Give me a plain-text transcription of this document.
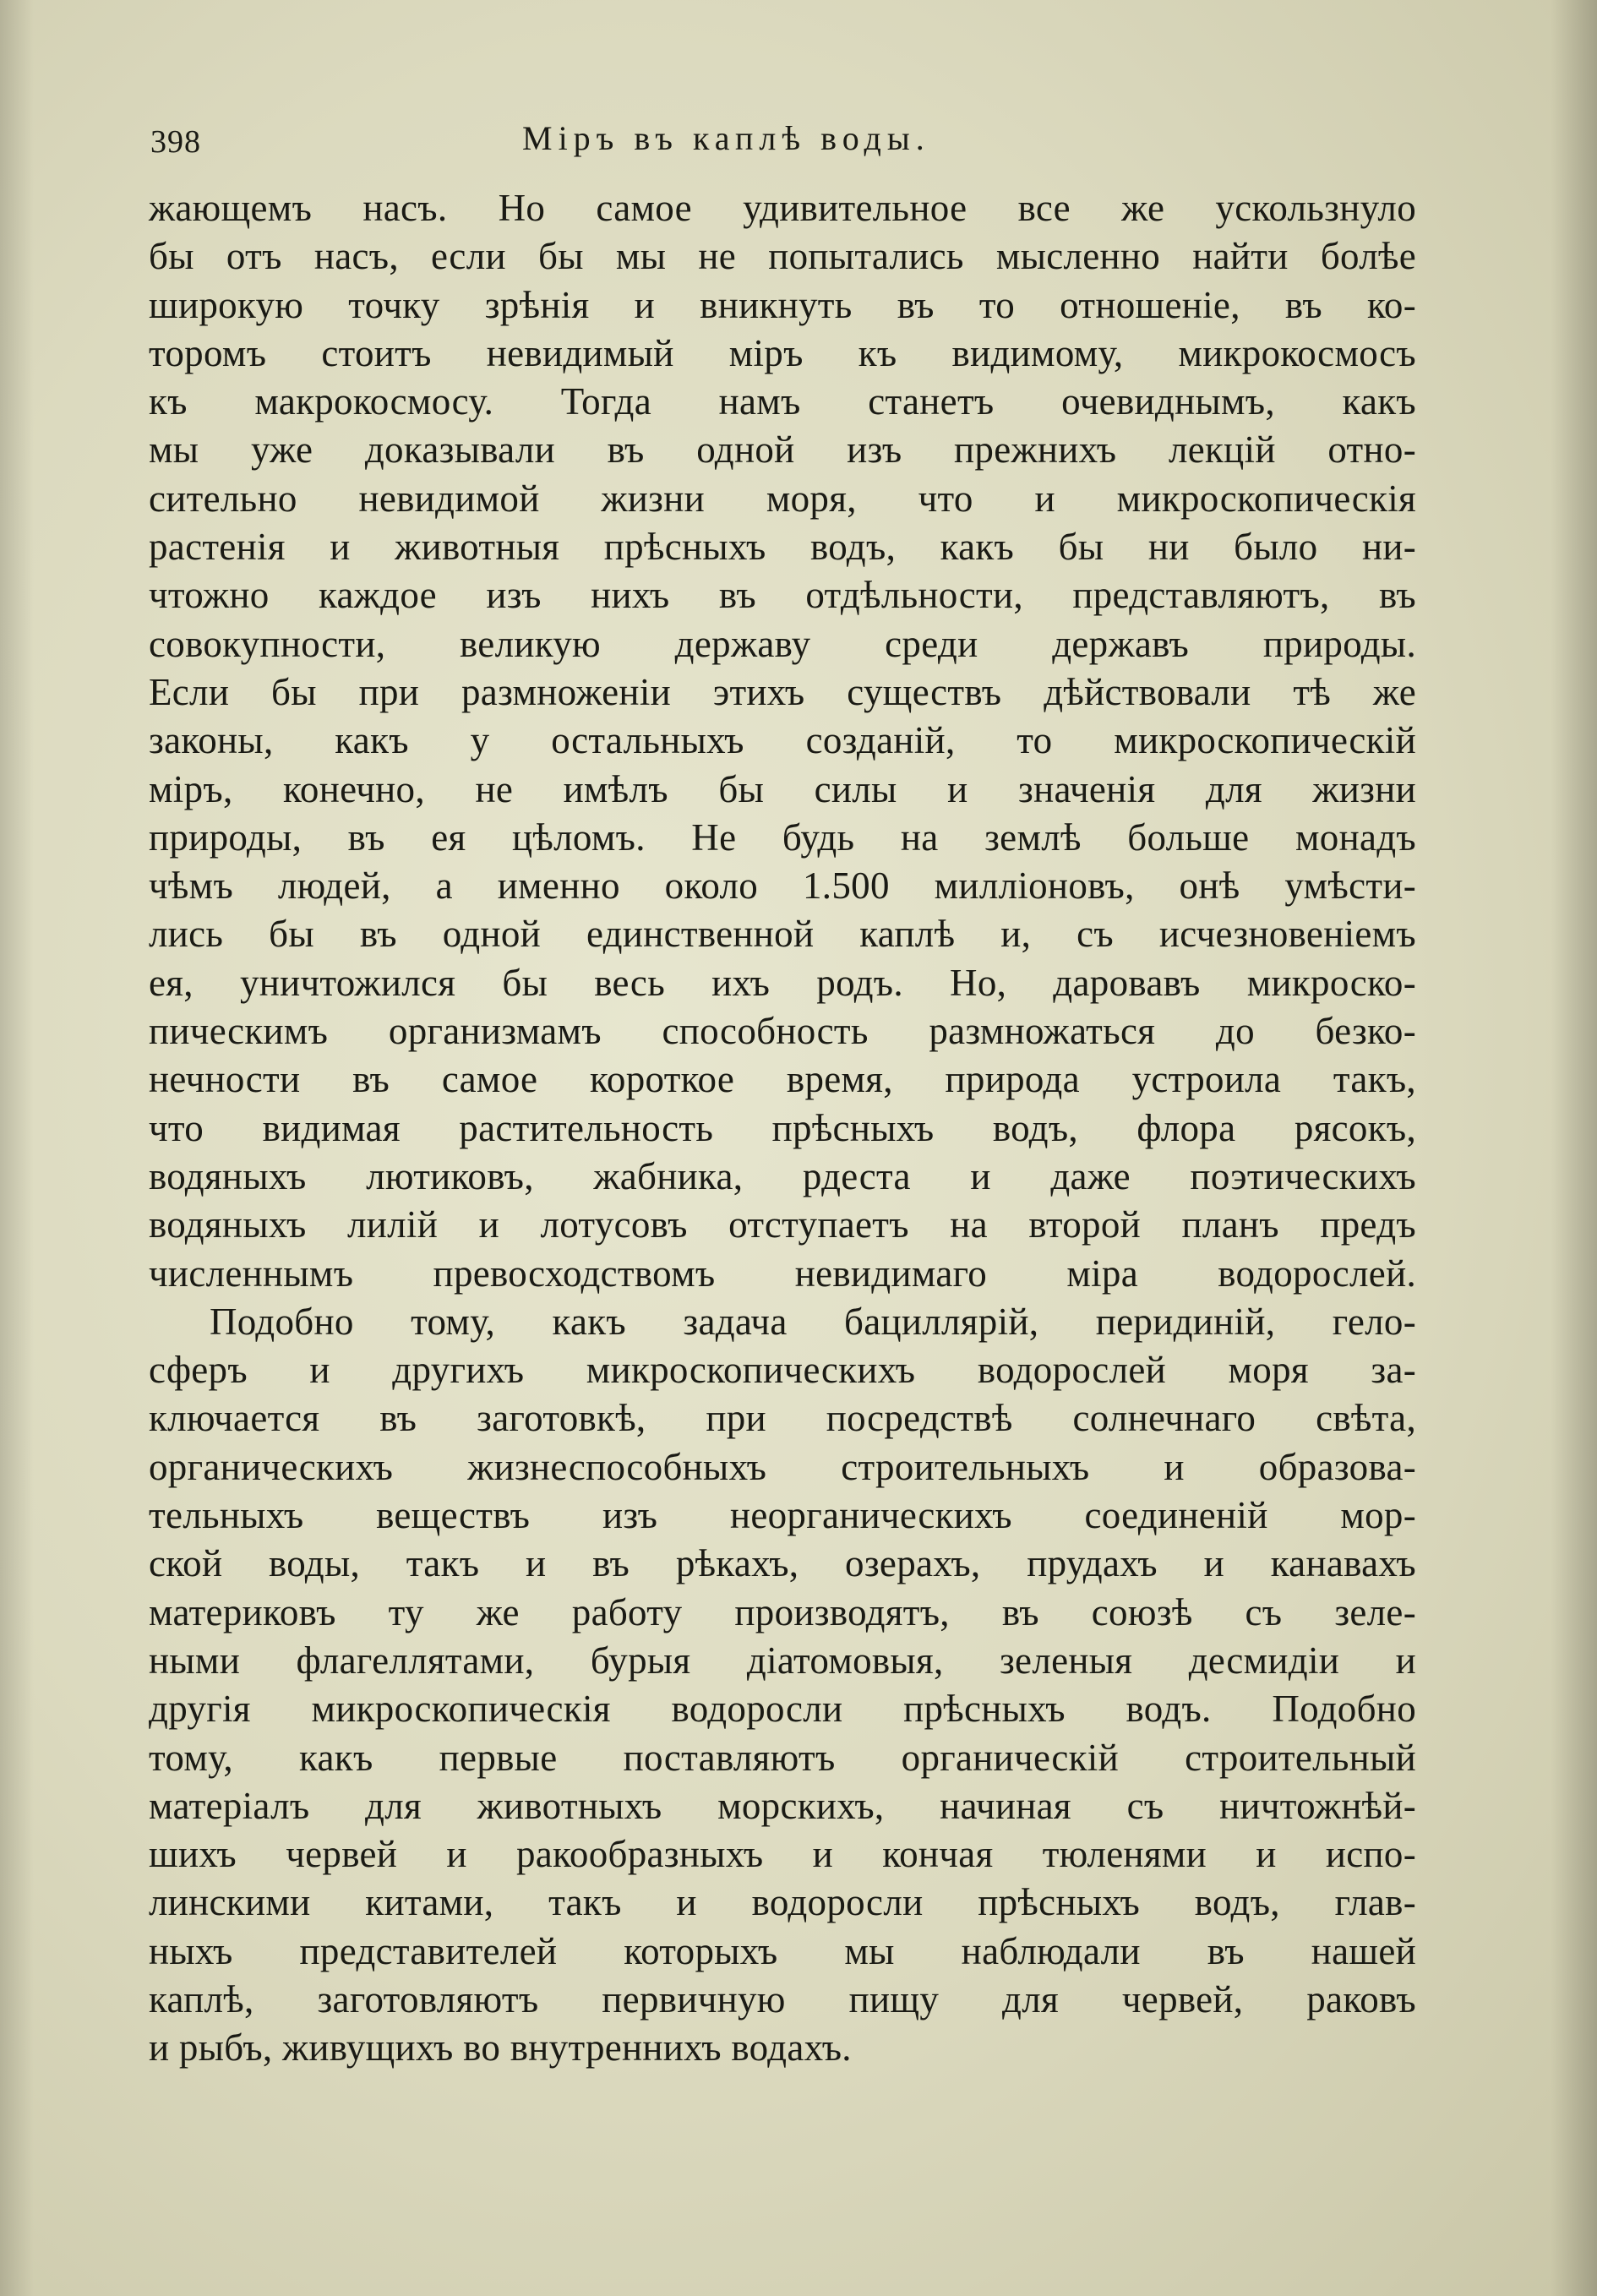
398	Міръ въ каплѣ воды.
жающемъ насъ. Но самое удивительное все же ускользнуло
бы отъ насъ, если бы мы не попытались мысленно найти болѣе
широкую точку зрѣнія и вникнуть въ то отношеніе, въ ко-
торомъ стоитъ невидимый міръ къ видимому, микрокосмосъ
къ макрокосмосу. Тогда намъ станетъ очевиднымъ, какъ
мы уже доказывали въ одной изъ прежнихъ лекцій отно-
сительно невидимой жизни моря, что и микроскопическія
растенія и животныя прѣсныхъ водъ, какъ бы ни было ни-
чтожно каждое изъ нихъ въ отдѣльности, представляютъ, въ
совокупности, великую державу среди державъ природы.
Если бы при размноженіи этихъ существъ дѣйствовали тѣ же
законы, какъ у остальныхъ созданій, то микроскопическій
міръ, конечно, не имѣлъ бы силы и значенія для жизни
природы, въ ея цѣломъ. Не будь на землѣ больше монадъ
чѣмъ людей, а именно около 1.500 милліоновъ, онѣ умѣсти-
лись бы въ одной единственной каплѣ и, съ исчезновеніемъ
ея, уничтожился бы весь ихъ родъ. Но, даровавъ микроско-
пическимъ организмамъ способность размножаться до безко-
нечности въ самое короткое время, природа устроила такъ,
что видимая растительность прѣсныхъ водъ, флора рясокъ,
водяныхъ лютиковъ, жабника, рдеста и даже поэтическихъ
водяныхъ лилій и лотусовъ отступаетъ на второй планъ предъ
численнымъ превосходствомъ невидимаго міра водорослей.
Подобно тому, какъ задача бациллярій, перидиній, гело-
сферъ и другихъ микроскопическихъ водорослей моря за-
ключается въ заготовкѣ, при посредствѣ солнечнаго свѣта,
органическихъ жизнеспособныхъ строительныхъ и образова-
тельныхъ веществъ изъ неорганическихъ соединеній мор-
ской воды, такъ и въ рѣкахъ, озерахъ, прудахъ и канавахъ
материковъ ту же работу производятъ, въ союзѣ съ зеле-
ными флагеллятами, бурыя діатомовыя, зеленыя десмидіи и
другія микроскопическія водоросли прѣсныхъ водъ. Подобно
тому, какъ первые поставляютъ органическій строительный
матеріалъ для животныхъ морскихъ, начиная съ ничтожнѣй-
шихъ червей и ракообразныхъ и кончая тюленями и испо-
линскими китами, такъ и водоросли прѣсныхъ водъ, глав-
ныхъ представителей которыхъ мы наблюдали въ нашей
каплѣ, заготовляютъ первичную пищу для червей, раковъ
и рыбъ, живущихъ во внутреннихъ водахъ.
